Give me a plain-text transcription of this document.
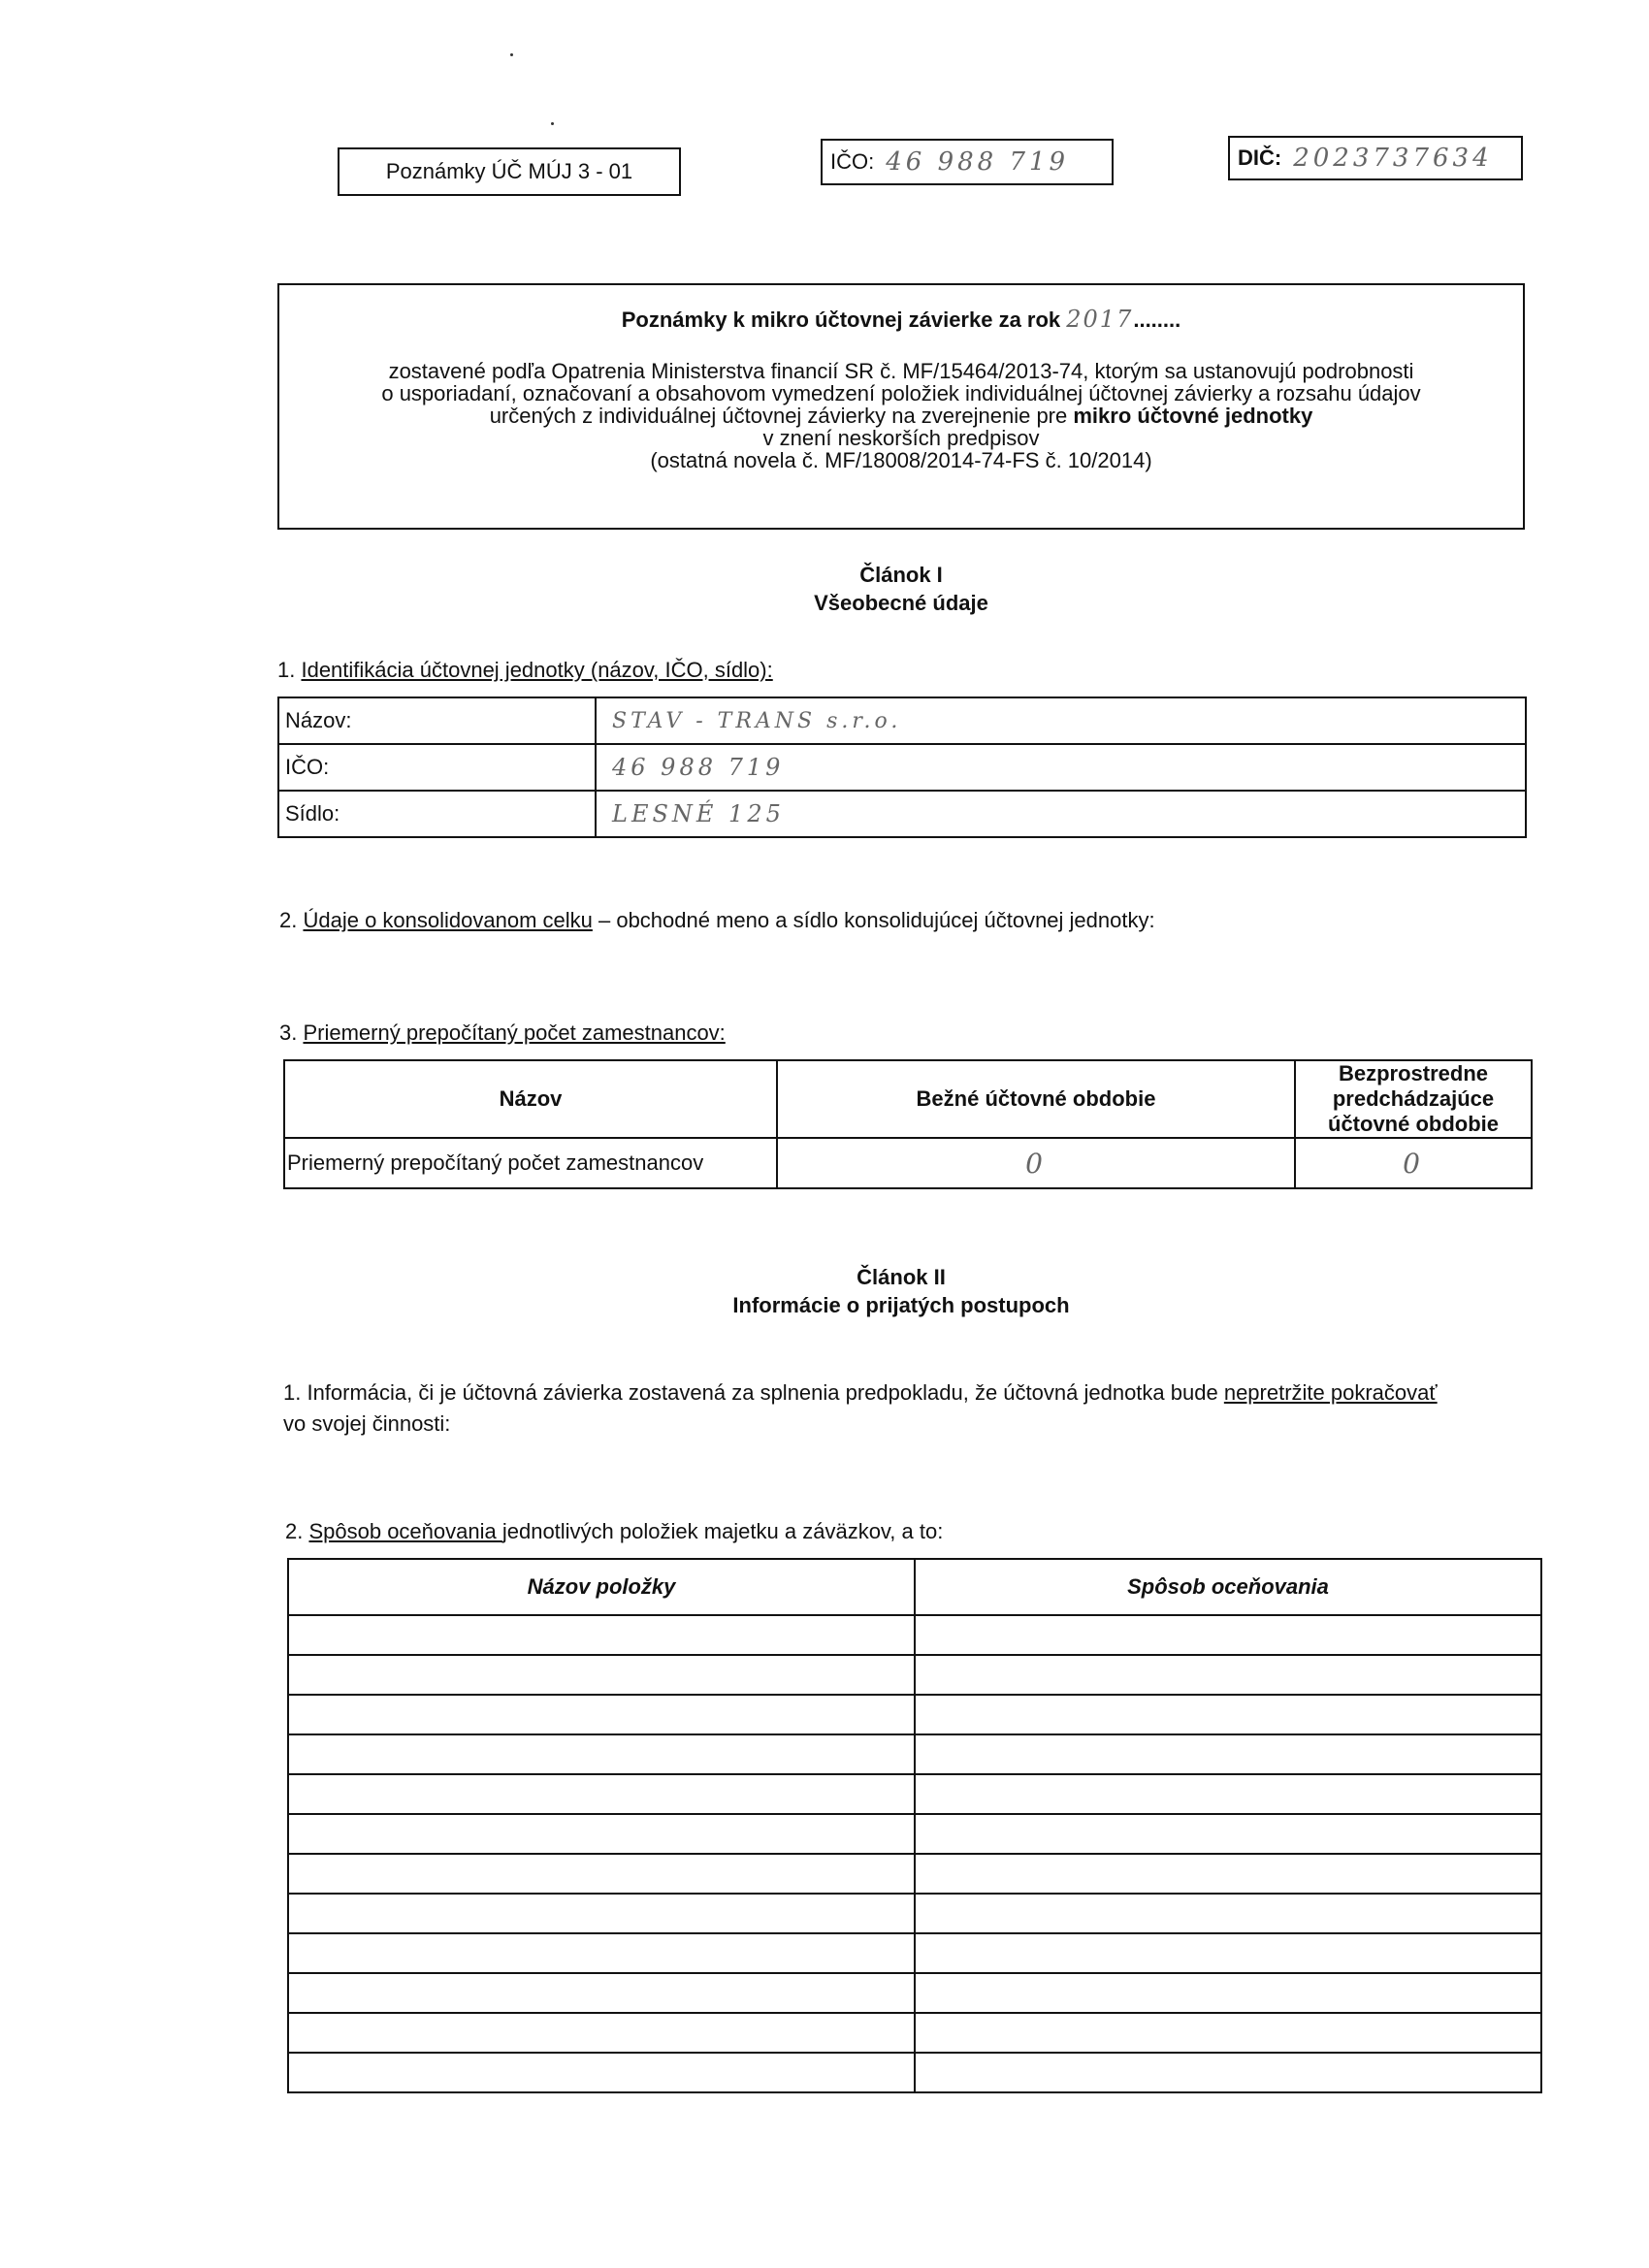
Poznámky ÚČ MÚJ 3 - 01	IČO: 46 988 719	DIČ: 2023737634
Poznámky k mikro účtovnej závierke za rok 2017........
zostavené podľa Opatrenia Ministerstva financií SR č. MF/15464/2013-74, ktorým sa ustanovujú podrobnosti
o usporiadaní, označovaní a obsahovom vymedzení položiek individuálnej účtovnej závierky a rozsahu údajov
určených z individuálnej účtovnej závierky na zverejnenie pre mikro účtovné jednotky
v znení neskorších predpisov
(ostatná novela č. MF/18008/2014-74-FS č. 10/2014)
Článok I
Všeobecné údaje
1. Identifikácia účtovnej jednotky (názov, IČO, sídlo):
Názov:	STAV - TRANS s.r.o.
IČO:	46 988 719
Sídlo:	LESNÉ 125
2. Údaje o konsolidovanom celku – obchodné meno a sídlo konsolidujúcej účtovnej jednotky:
3. Priemerný prepočítaný počet zamestnancov:
Názov	Bežné účtovné obdobie	Bezprostredne predchádzajúce účtovné obdobie
Priemerný prepočítaný počet zamestnancov	0	0
Článok II
Informácie o prijatých postupoch
1. Informácia, či je účtovná závierka zostavená za splnenia predpokladu, že účtovná jednotka bude nepretržite pokračovať
vo svojej činnosti:
2. Spôsob oceňovania jednotlivých položiek majetku a záväzkov, a to:
Názov položky	Spôsob oceňovania
